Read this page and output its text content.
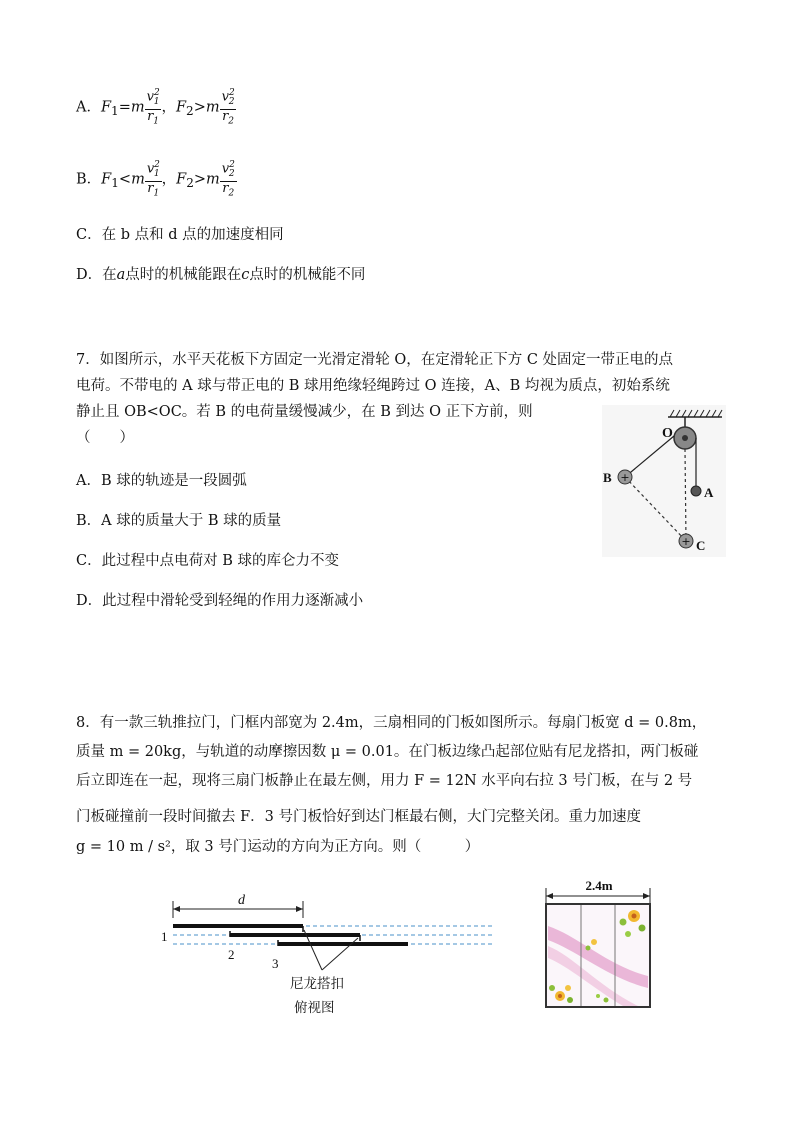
A．$F_1=m \frac{v^2_1}{r_1}$ ，$F_2>m \frac{v^2_2}{r_2}$
B．$F_1<m \frac{v^2_1}{r_1}$ ，$F_2>m \frac{v^2_2}{r_2}$
C．在 b 点和 d 点的加速度相同
D．在a点时的机械能跟在c点时的机械能不同
7．如图所示，水平天花板下方固定一光滑定滑轮 O，在定滑轮正下方 C 处固定一带正电的点
电荷。不带电的 A 球与带正电的 B 球用绝缘轻绳跨过 O 连接，A、B 均视为质点，初始系统
静止且 OB<OC。若 B 的电荷量缓慢减少，在 B 到达 O 正下方前，则
（　　）
A．B 球的轨迹是一段圆弧
B．A 球的质量大于 B 球的质量
C．此过程中点电荷对 B 球的库仑力不变
D．此过程中滑轮受到轻绳的作用力逐渐减小
+
+
O
A
B
C
8．有一款三轨推拉门，门框内部宽为 2.4m，三扇相同的门板如图所示。每扇门板宽 d = 0.8m，
质量 m = 20kg，与轨道的动摩擦因数 μ = 0.01。在门板边缘凸起部位贴有尼龙搭扣，两门板碰
后立即连在一起，现将三扇门板静止在最左侧，用力 F = 12N 水平向右拉 3 号门板，在与 2 号
门板碰撞前一段时间撤去 F．3 号门板恰好到达门框最右侧，大门完整关闭。重力加速度
g = 10 m / s²，取 3 号门运动的方向为正方向。则（　　　）
d
1
2
3
尼龙搭扣
俯视图
2.4m
